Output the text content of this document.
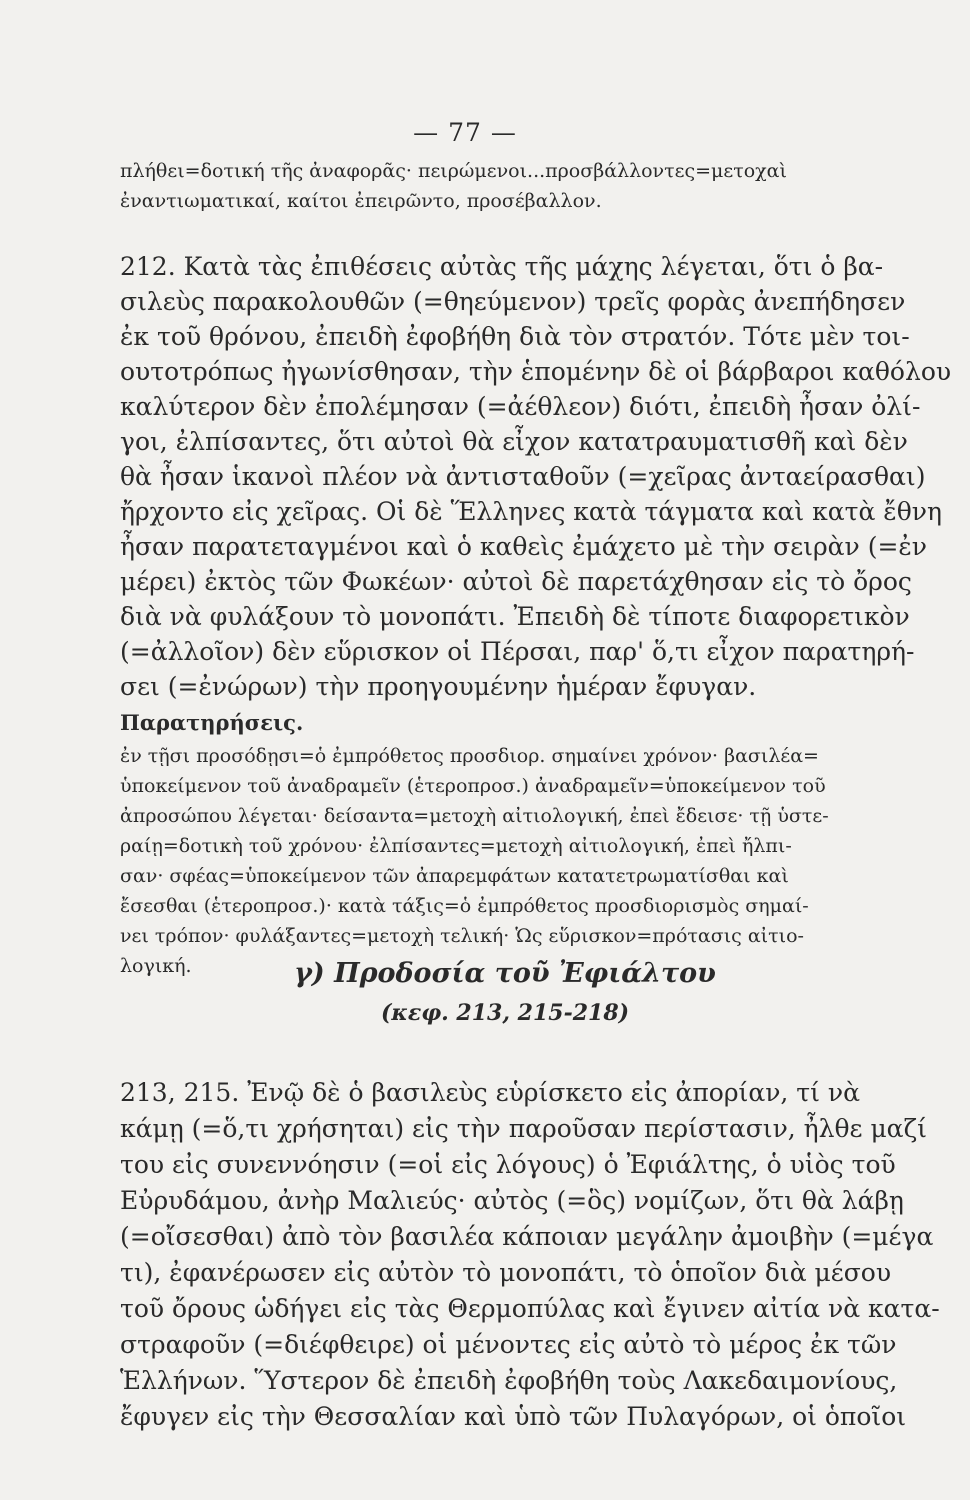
— 77 —
πλήθει=δοτική τῆς ἀναφορᾶς· πειρώμενοι...προσβάλλοντες=μετοχαὶ
ἐναντιωματικαί, καίτοι ἐπειρῶντο, προσέβαλλον.
212. Κατὰ τὰς ἐπιθέσεις αὐτὰς τῆς μάχης λέγεται, ὅτι ὁ βα-
σιλεὺς παρακολουθῶν (=θηεύμενον) τρεῖς φορὰς ἀνεπήδησεν
ἐκ τοῦ θρόνου, ἐπειδὴ ἐφοβήθη διὰ τὸν στρατόν. Τότε μὲν τοι-
ουτοτρόπως ἠγωνίσθησαν, τὴν ἑπομένην δὲ οἱ βάρβαροι καθόλου
καλύτερον δὲν ἐπολέμησαν (=ἀέθλεον) διότι, ἐπειδὴ ἦσαν ὀλί-
γοι, ἐλπίσαντες, ὅτι αὐτοὶ θὰ εἶχον κατατραυματισθῆ καὶ δὲν
θὰ ἦσαν ἱκανοὶ πλέον νὰ ἀντισταθοῦν (=χεῖρας ἀνταείρασθαι)
ἤρχοντο εἰς χεῖρας. Οἱ δὲ Ἕλληνες κατὰ τάγματα καὶ κατὰ ἔθνη
ἦσαν παρατεταγμένοι καὶ ὁ καθεὶς ἐμάχετο μὲ τὴν σειρὰν (=ἐν
μέρει) ἐκτὸς τῶν Φωκέων· αὐτοὶ δὲ παρετάχθησαν εἰς τὸ ὄρος
διὰ νὰ φυλάξουν τὸ μονοπάτι. Ἐπειδὴ δὲ τίποτε διαφορετικὸν
(=ἀλλοῖον) δὲν εὕρισκον οἱ Πέρσαι, παρ' ὅ,τι εἶχον παρατηρή-
σει (=ἐνώρων) τὴν προηγουμένην ἡμέραν ἔφυγαν.
Παρατηρήσεις.
ἐν τῇσι προσόδῃσι=ὁ ἐμπρόθετος προσδιορ. σημαίνει χρόνον· βασιλέα=
ὑποκείμενον τοῦ ἀναδραμεῖν (ἑτεροπροσ.) ἀναδραμεῖν=ὑποκείμενον τοῦ
ἀπροσώπου λέγεται· δείσαντα=μετοχὴ αἰτιολογική, ἐπεὶ ἔδεισε· τῇ ὑστε-
ραίῃ=δοτικὴ τοῦ χρόνου· ἐλπίσαντες=μετοχὴ αἰτιολογική, ἐπεὶ ἤλπι-
σαν· σφέας=ὑποκείμενον τῶν ἀπαρεμφάτων κατατετρωματίσθαι καὶ
ἔσεσθαι (ἑτεροπροσ.)· κατὰ τάξις=ὁ ἐμπρόθετος προσδιορισμὸς σημαί-
νει τρόπον· φυλάξαντες=μετοχὴ τελική· Ὡς εὕρισκον=πρότασις αἰτιο-
λογική.	γ) Προδοσία τοῦ Ἐφιάλτου
(κεφ. 213, 215-218)
213, 215. Ἐνῷ δὲ ὁ βασιλεὺς εὑρίσκετο εἰς ἀπορίαν, τί νὰ
κάμῃ (=ὅ,τι χρήσηται) εἰς τὴν παροῦσαν περίστασιν, ἦλθε μαζί
του εἰς συνεννόησιν (=οἱ εἰς λόγους) ὁ Ἐφιάλτης, ὁ υἱὸς τοῦ
Εὐρυδάμου, ἀνὴρ Μαλιεύς· αὐτὸς (=ὃς) νομίζων, ὅτι θὰ λάβῃ
(=οἴσεσθαι) ἀπὸ τὸν βασιλέα κάποιαν μεγάλην ἀμοιβὴν (=μέγα
τι), ἐφανέρωσεν εἰς αὐτὸν τὸ μονοπάτι, τὸ ὁποῖον διὰ μέσου
τοῦ ὄρους ὡδήγει εἰς τὰς Θερμοπύλας καὶ ἔγινεν αἰτία νὰ κατα-
στραφοῦν (=διέφθειρε) οἱ μένοντες εἰς αὐτὸ τὸ μέρος ἐκ τῶν
Ἑλλήνων. Ὕστερον δὲ ἐπειδὴ ἐφοβήθη τοὺς Λακεδαιμονίους,
ἔφυγεν εἰς τὴν Θεσσαλίαν καὶ ὑπὸ τῶν Πυλαγόρων, οἱ ὁποῖοι
